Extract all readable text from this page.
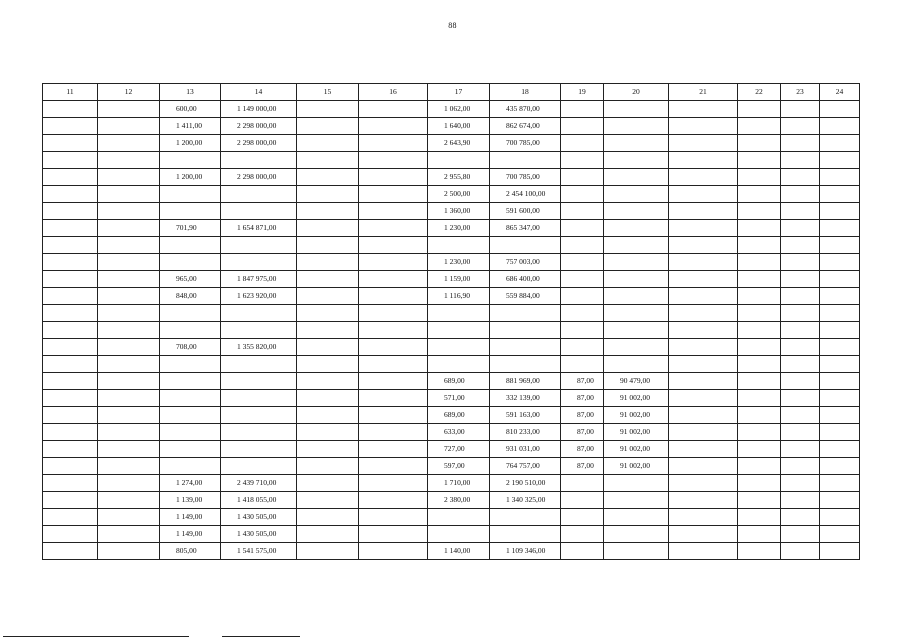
88
11	12	13	14	15	16	17	18	19	20	21	22	23	24
		600,00	1 149 000,00			1 062,00	435 870,00						
		1 411,00	2 298 000,00			1 640,00	862 674,00						
		1 200,00	2 298 000,00			2 643,90	700 785,00						

		1 200,00	2 298 000,00			2 955,80	700 785,00						
						2 500,00	2 454 100,00						
						1 360,00	591 600,00						
		701,90	1 654 871,00			1 230,00	865 347,00						

						1 230,00	757 003,00						
		965,00	1 847 975,00			1 159,00	686 400,00						
		848,00	1 623 920,00			1 116,90	559 884,00						

		708,00	1 355 820,00										

						689,00	881 969,00	87,00	90 479,00				
						571,00	332 139,00	87,00	91 002,00				
						689,00	591 163,00	87,00	91 002,00				
						633,00	810 233,00	87,00	91 002,00				
						727,00	931 031,00	87,00	91 002,00				
						597,00	764 757,00	87,00	91 002,00				
		1 274,00	2 439 710,00			1 710,00	2 190 510,00						
		1 139,00	1 418 055,00			2 380,00	1 340 325,00						
		1 149,00	1 430 505,00										
		1 149,00	1 430 505,00										
		805,00	1 541 575,00			1 140,00	1 109 346,00						
